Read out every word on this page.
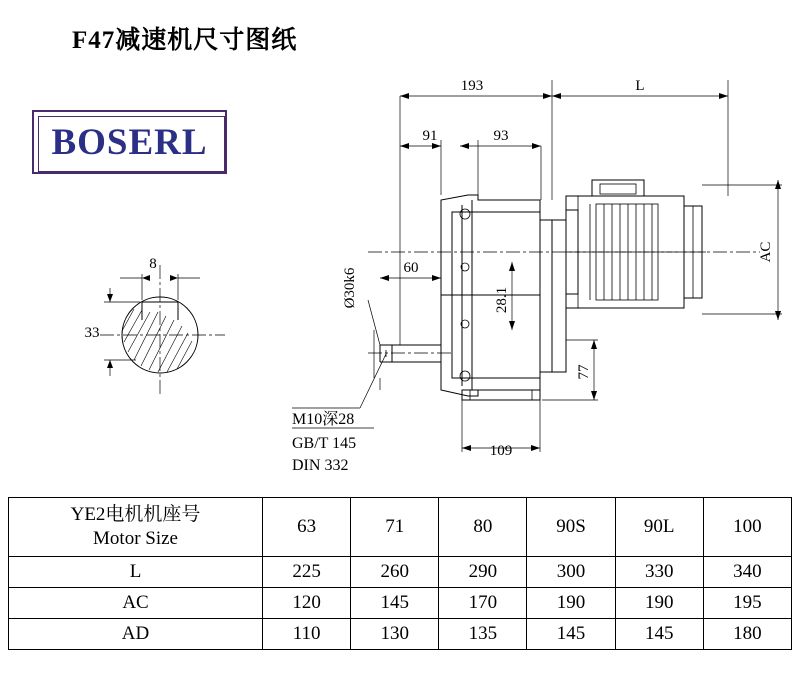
F47减速机尺寸图纸
BOSERL
8
33
193	L
91	93
Ø30k6	60
28.1
AC
77
109
M10深28
GB/T 145
DIN 332
YE2电机机座号
Motor Size	63	71	80	90S	90L	100
L	225	260	290	300	330	340
AC	120	145	170	190	190	195
AD	110	130	135	145	145	180
